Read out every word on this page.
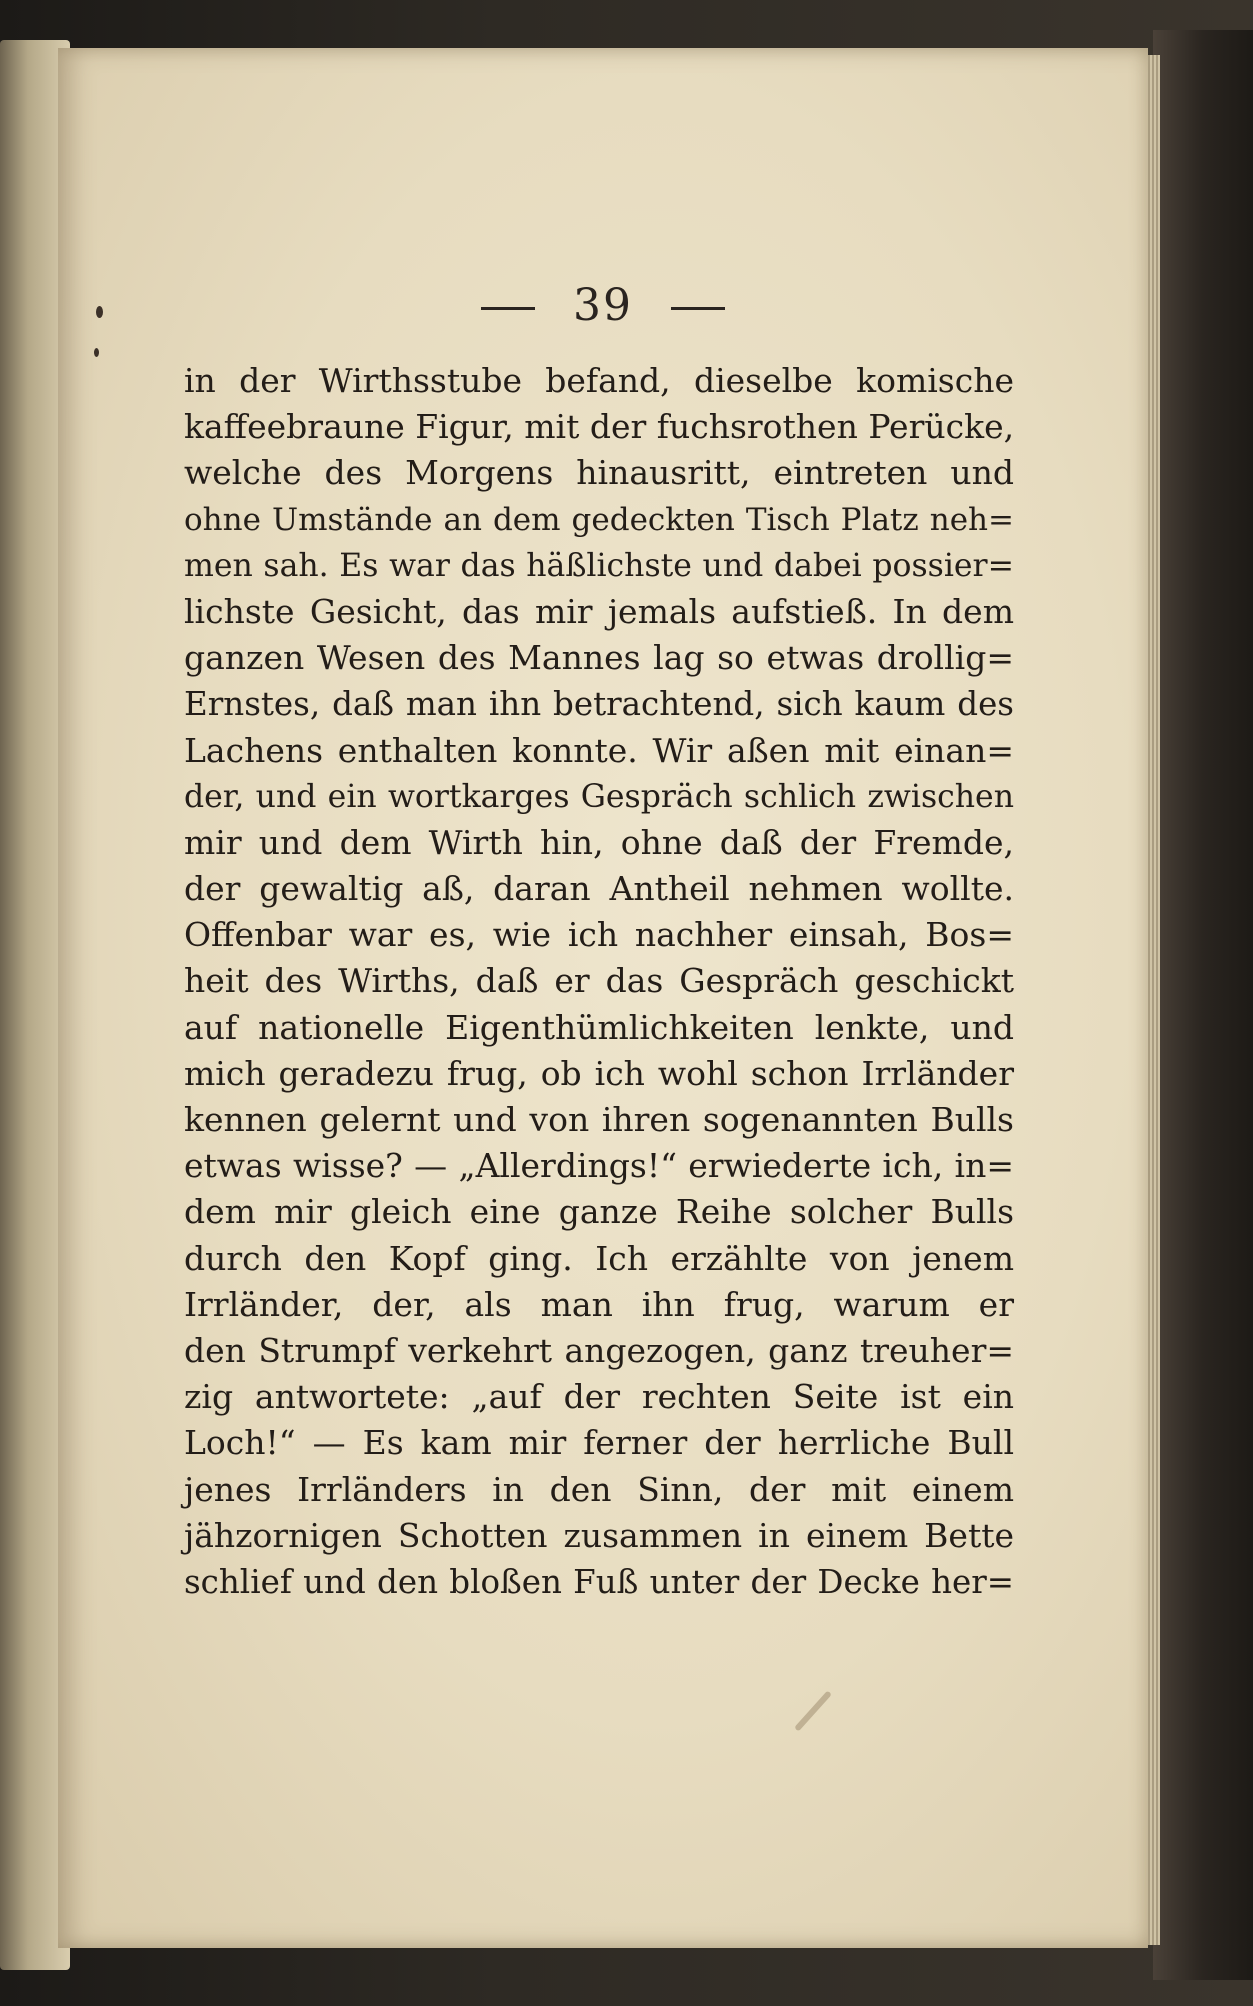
39
in der Wirthsstube befand, dieselbe komische
kaffeebraune Figur, mit der fuchsrothen Perücke,
welche des Morgens hinausritt, eintreten und
ohne Umstände an dem gedeckten Tisch Platz neh=
men sah. Es war das häßlichste und dabei possier=
lichste Gesicht, das mir jemals aufstieß. In dem
ganzen Wesen des Mannes lag so etwas drollig=
Ernstes, daß man ihn betrachtend, sich kaum des
Lachens enthalten konnte. Wir aßen mit einan=
der, und ein wortkarges Gespräch schlich zwischen
mir und dem Wirth hin, ohne daß der Fremde,
der gewaltig aß, daran Antheil nehmen wollte.
Offenbar war es, wie ich nachher einsah, Bos=
heit des Wirths, daß er das Gespräch geschickt
auf nationelle Eigenthümlichkeiten lenkte, und
mich geradezu frug, ob ich wohl schon Irrländer
kennen gelernt und von ihren sogenannten Bulls
etwas wisse? — „Allerdings!“ erwiederte ich, in=
dem mir gleich eine ganze Reihe solcher Bulls
durch den Kopf ging. Ich erzählte von jenem
Irrländer, der, als man ihn frug, warum er
den Strumpf verkehrt angezogen, ganz treuher=
zig antwortete: „auf der rechten Seite ist ein
Loch!“ — Es kam mir ferner der herrliche Bull
jenes Irrländers in den Sinn, der mit einem
jähzornigen Schotten zusammen in einem Bette
schlief und den bloßen Fuß unter der Decke her=
